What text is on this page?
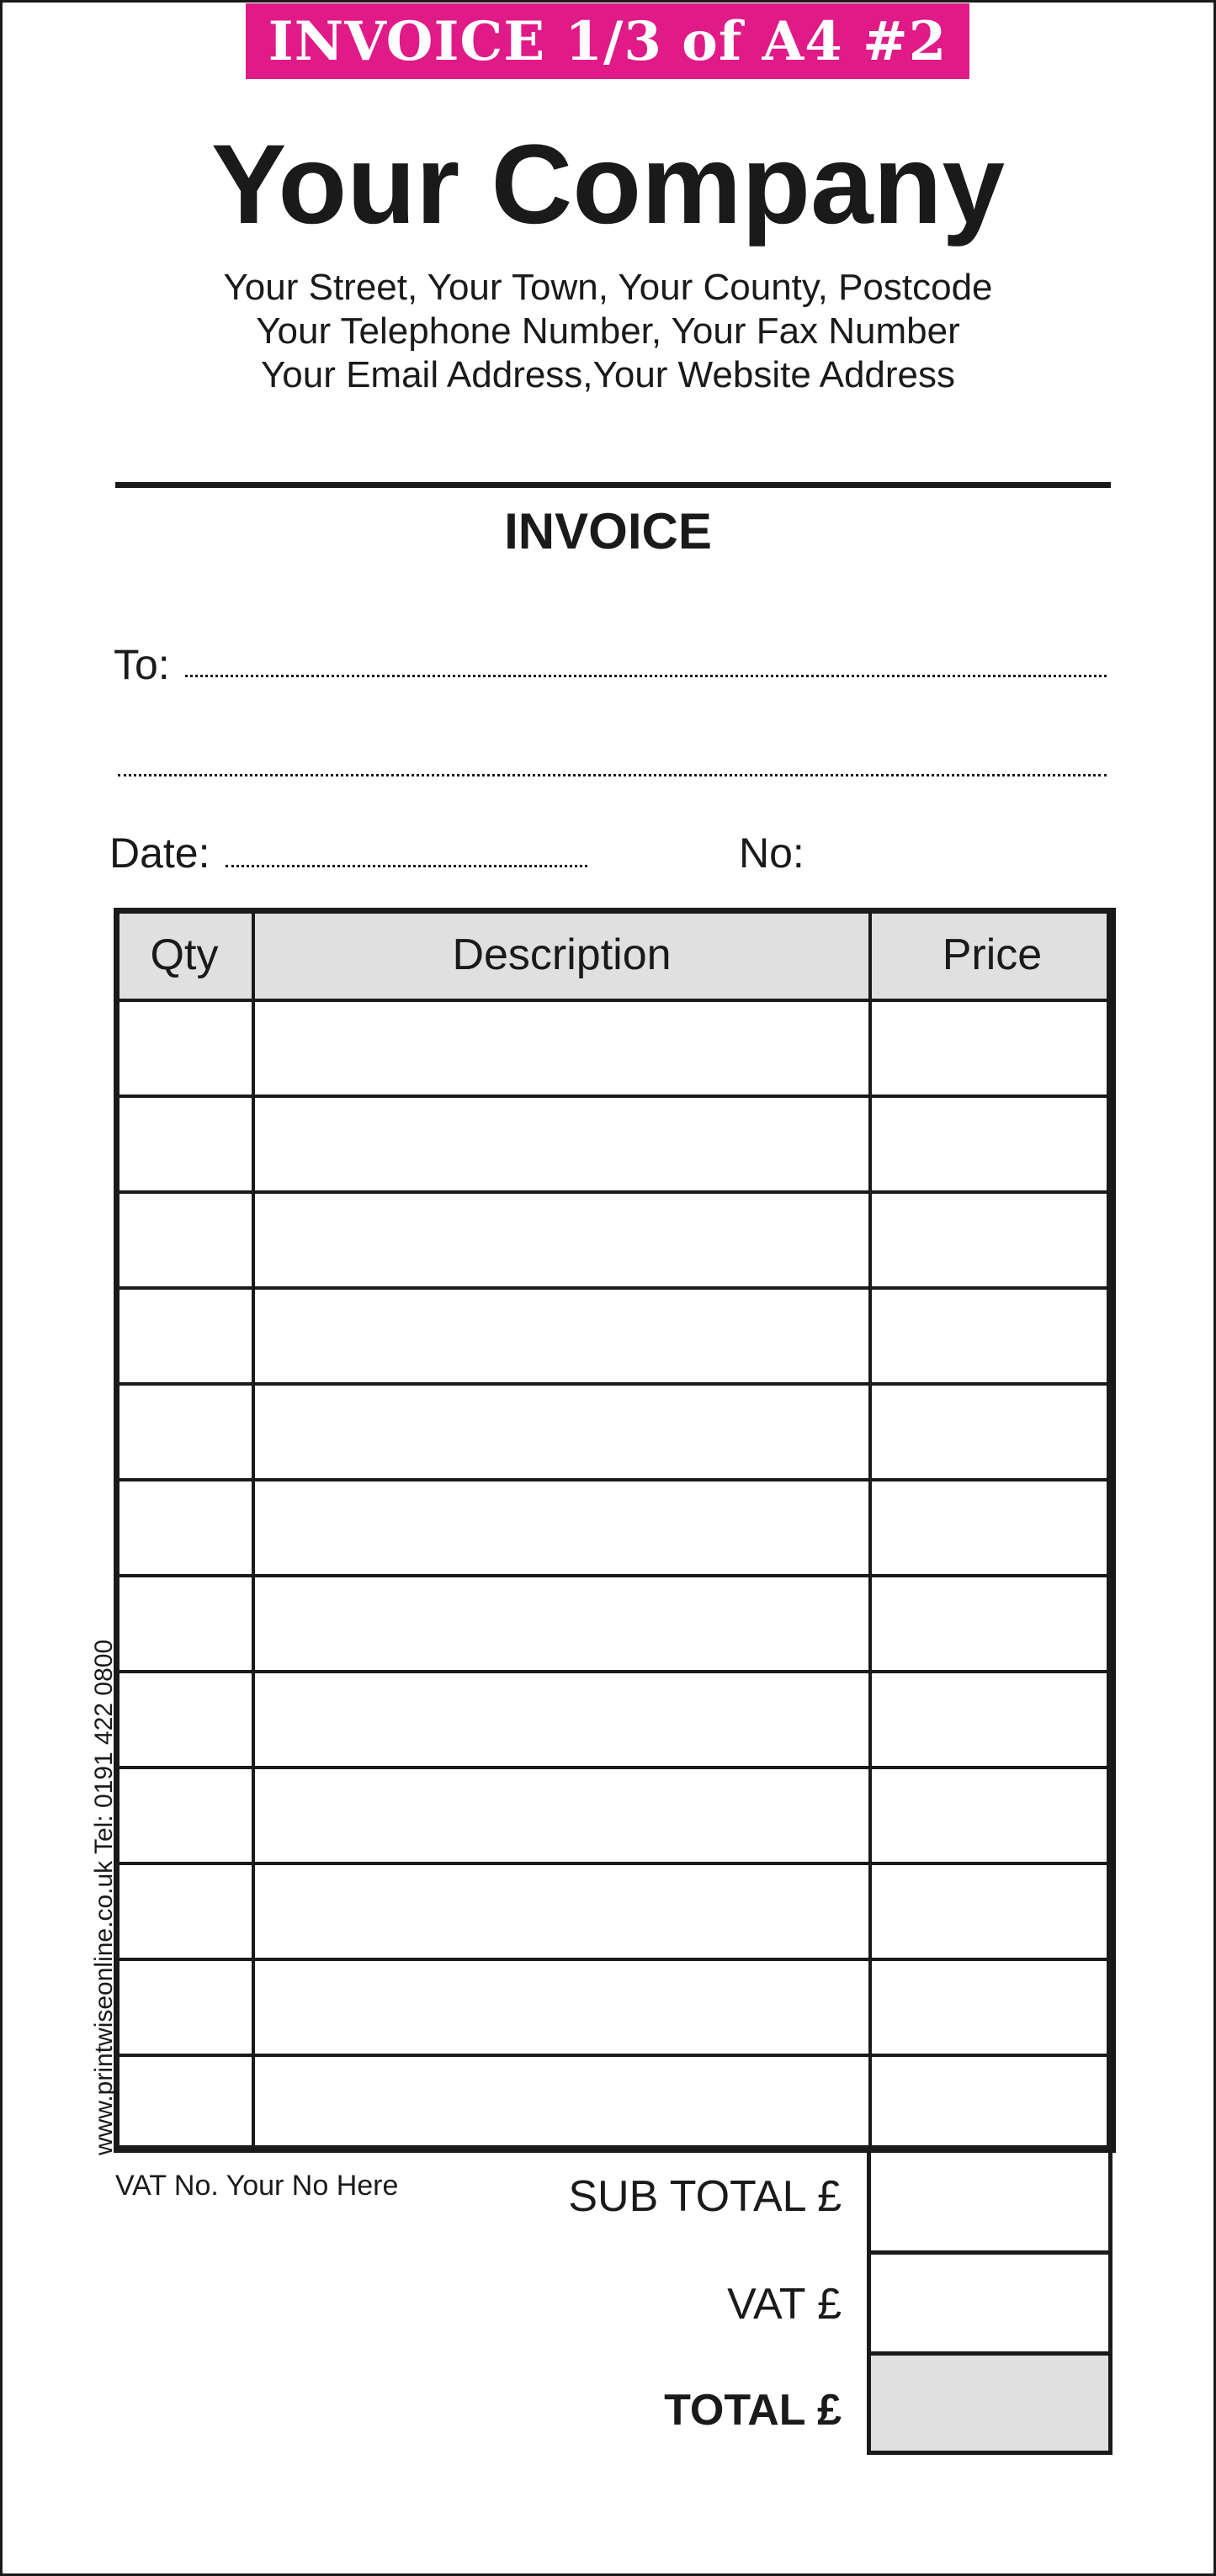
INVOICE 1/3 of A4 #2
Your Company
Your Street, Your Town, Your County, Postcode
Your Telephone Number, Your Fax Number
Your Email Address,Your Website Address
INVOICE
To:
Date:	No:
Qty	Description	Price

VAT No. Your No Here	SUB TOTAL £
VAT £
TOTAL £
www.printwiseonline.co.uk Tel: 0191 422 0800
